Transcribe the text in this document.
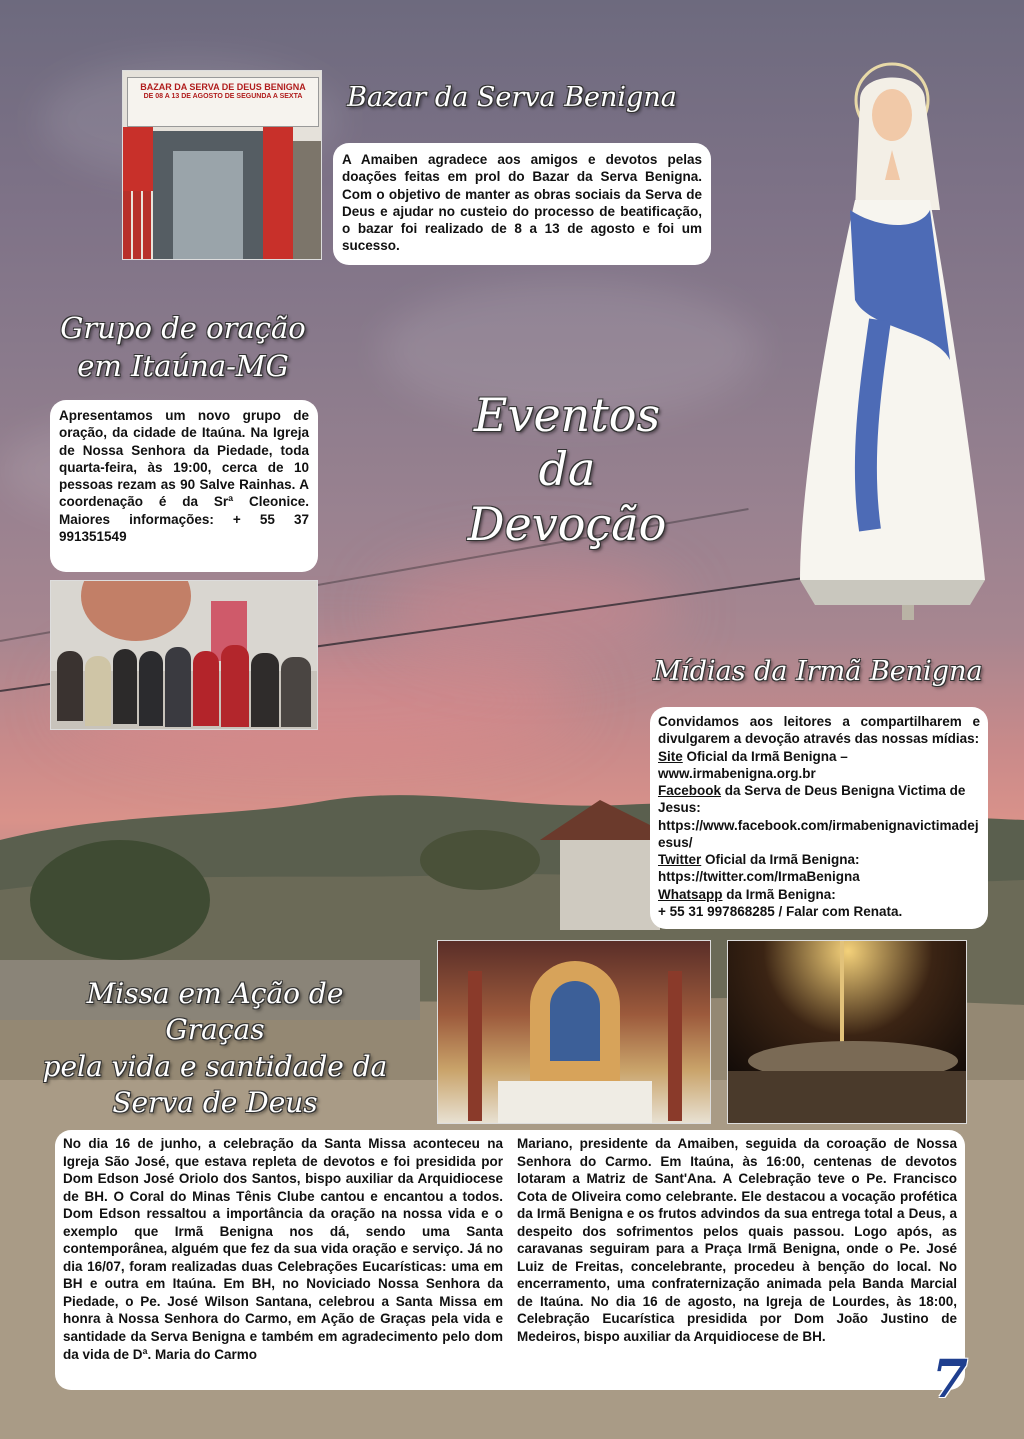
Eventos
da
Devoção
BAZAR DA SERVA DE DEUS BENIGNA
DE 08 A 13 DE AGOSTO DE SEGUNDA A SEXTA	Bazar da Serva Benigna

A Amaiben agradece aos amigos e devotos pelas doações feitas em prol do Bazar da Serva Benigna. Com o objetivo de manter as obras sociais da Serva de Deus e ajudar no custeio do processo de beatificação, o bazar foi realizado de 8 a 13 de agosto e foi um sucesso.

Grupo de oração
em Itaúna-MG

Apresentamos um novo grupo de oração, da cidade de Itaúna. Na Igreja de Nossa Senhora da Piedade, toda quarta-feira, às 19:00, cerca de 10 pessoas rezam as 90 Salve Rainhas. A coordenação é da Srª Cleonice. Maiores informações: + 55 37 991351549

Mídias da Irmã Benigna

Convidamos aos leitores a compartilharem e divulgarem a devoção através das nossas mídias:

Site Oficial da Irmã Benigna – www.irmabenigna.org.br

Facebook da Serva de Deus Benigna Victima de Jesus:

https://www.facebook.com/irmabenignavictimadejesus/

Twitter Oficial da Irmã Benigna:

https://twitter.com/IrmaBenigna

Whatsapp da Irmã Benigna:

+ 55 31 997868285 / Falar com Renata.

Missa em Ação de Graças
pela vida e santidade da
Serva de Deus

No dia 16 de junho, a celebração da Santa Missa aconteceu na Igreja São José, que estava repleta de devotos e foi presidida por Dom Edson José Oriolo dos Santos, bispo auxiliar da Arquidiocese de BH. O Coral do Minas Tênis Clube cantou e encantou a todos. Dom Edson ressaltou a importância da oração na nossa vida e o exemplo que Irmã Benigna nos dá, sendo uma Santa contemporânea, alguém que fez da sua vida oração e serviço. Já no dia 16/07, foram realizadas duas Celebrações Eucarísticas: uma em BH e outra em Itaúna. Em BH, no Noviciado Nossa Senhora da Piedade, o Pe. José Wilson Santana, celebrou a Santa Missa em honra à Nossa Senhora do Carmo, em Ação de Graças pela vida e santidade da Serva Benigna e também em agradecimento pelo dom da vida de Dª. Maria do Carmo

Mariano, presidente da Amaiben, seguida da coroação de Nossa Senhora do Carmo. Em Itaúna, às 16:00, centenas de devotos lotaram a Matriz de Sant'Ana. A Celebração teve o Pe. Francisco Cota de Oliveira como celebrante. Ele destacou a vocação profética da Irmã Benigna e os frutos advindos da sua entrega total a Deus, a despeito dos sofrimentos pelos quais passou. Logo após, as caravanas seguiram para a Praça Irmã Benigna, onde o Pe. José Luiz de Freitas, concelebrante, procedeu à benção do local. No encerramento, uma confraternização animada pela Banda Marcial de Itaúna. No dia 16 de agosto, na Igreja de Lourdes, às 18:00, Celebração Eucarística presidida por Dom João Justino de Medeiros, bispo auxiliar da Arquidiocese de BH.

7
